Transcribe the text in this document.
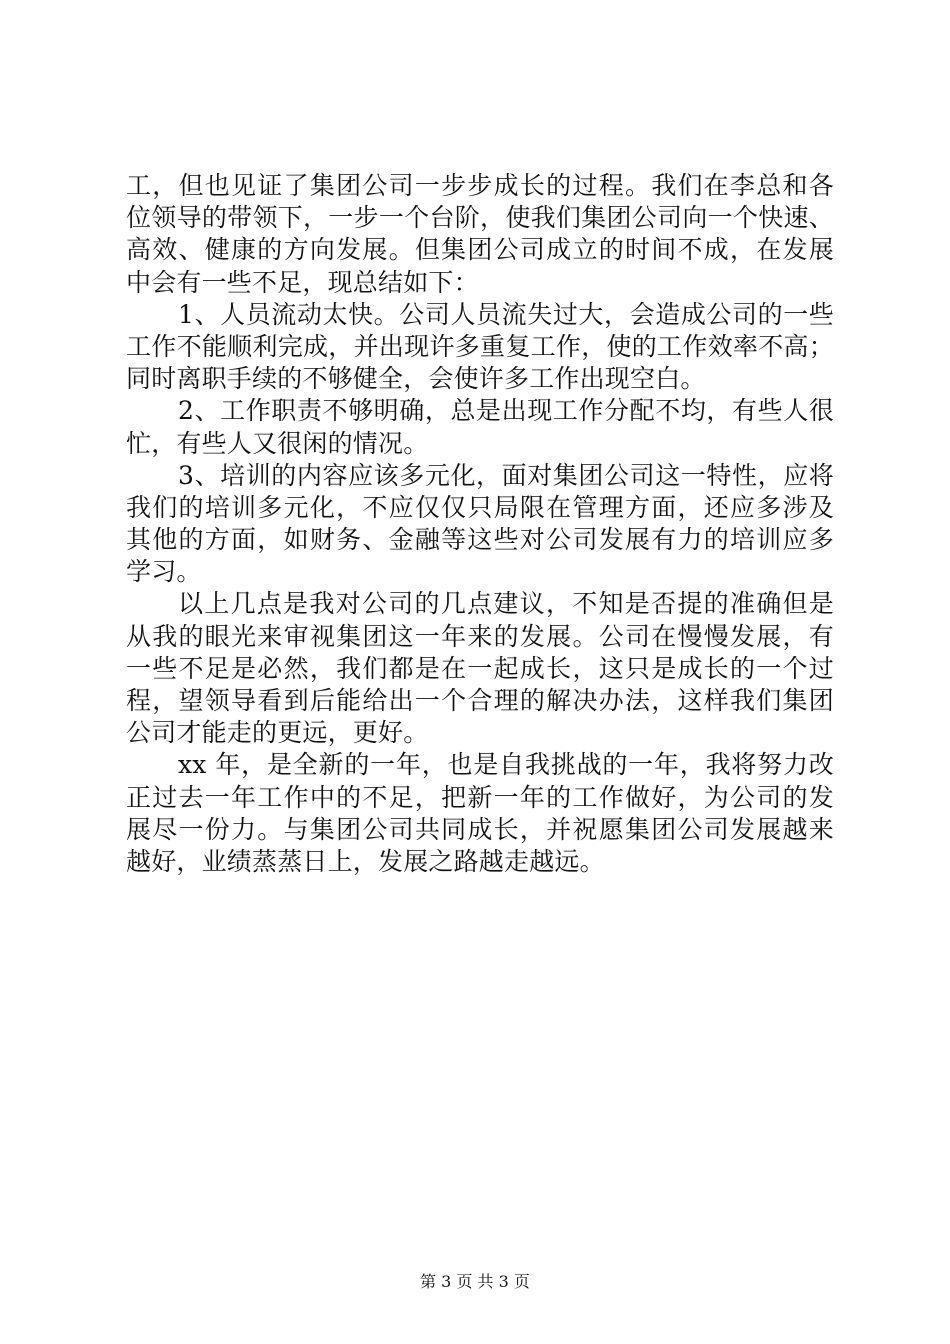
工，但也见证了集团公司一步步成长的过程。我们在李总和各
位领导的带领下，一步一个台阶，使我们集团公司向一个快速、
高效、健康的方向发展。但集团公司成立的时间不成，在发展
中会有一些不足，现总结如下：
1、人员流动太快。公司人员流失过大，会造成公司的一些
工作不能顺利完成，并出现许多重复工作，使的工作效率不高；
同时离职手续的不够健全，会使许多工作出现空白。
2、工作职责不够明确，总是出现工作分配不均，有些人很
忙，有些人又很闲的情况。
3、培训的内容应该多元化，面对集团公司这一特性，应将
我们的培训多元化，不应仅仅只局限在管理方面，还应多涉及
其他的方面，如财务、金融等这些对公司发展有力的培训应多
学习。
以上几点是我对公司的几点建议，不知是否提的准确但是
从我的眼光来审视集团这一年来的发展。公司在慢慢发展，有
一些不足是必然，我们都是在一起成长，这只是成长的一个过
程，望领导看到后能给出一个合理的解决办法，这样我们集团
公司才能走的更远，更好。
xx 年，是全新的一年，也是自我挑战的一年，我将努力改
正过去一年工作中的不足，把新一年的工作做好，为公司的发
展尽一份力。与集团公司共同成长，并祝愿集团公司发展越来
越好，业绩蒸蒸日上，发展之路越走越远。
第 3 页 共 3 页
